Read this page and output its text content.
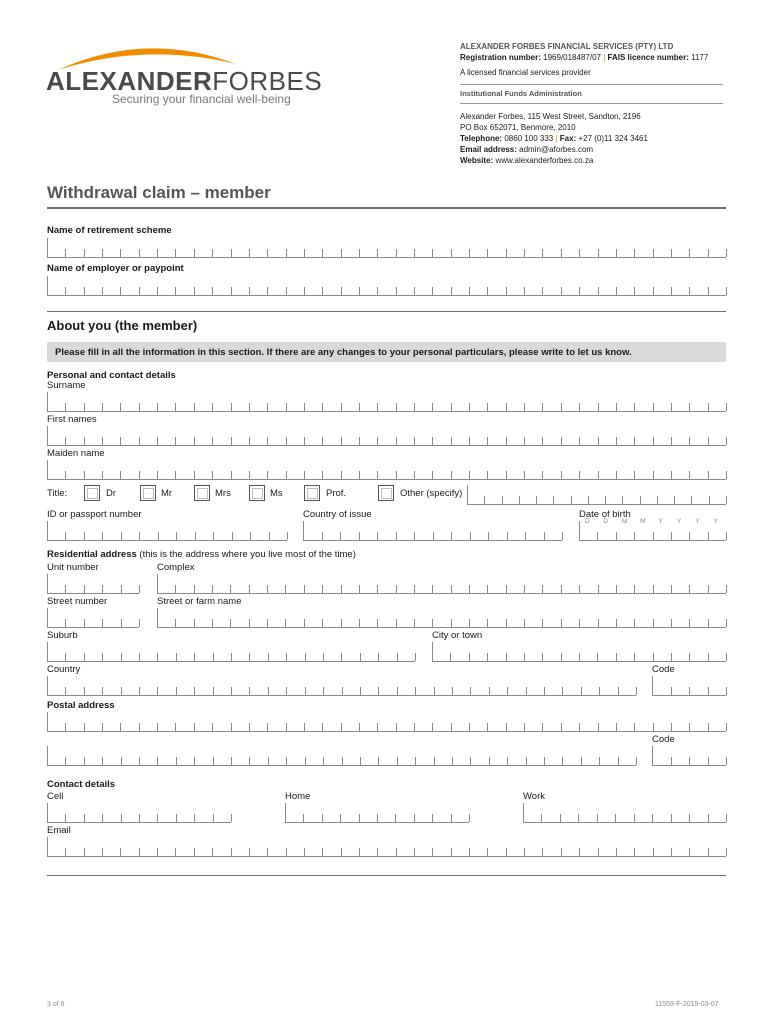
ALEXANDERFORBES
Securing your financial well-being
ALEXANDER FORBES FINANCIAL SERVICES (PTY) LTD
Registration number: 1969/018487/07 | FAIS licence number: 1177
A licensed financial services provider
Institutional Funds Administration
Alexander Forbes, 115 West Street, Sandton, 2196
PO Box 652071, Benmore, 2010
Telephone: 0860 100 333 | Fax: +27 (0)11 324 3461
Email address: admin@aforbes.com
Website: www.alexanderforbes.co.za
Withdrawal claim – member
Name of retirement scheme
Name of employer or paypoint
About you (the member)
Please fill in all the information in this section. If there are any changes to your personal particulars, please write to let us know.
Personal and contact details
Surname
First names
Maiden name
Title:	Dr	Mr	Mrs	Ms	Prof.	Other (specify)
ID or passport number	Country of issue	Date of birth
D D M M Y Y Y Y
Residential address (this is the address where you live most of the time)
Unit number	Complex
Street number	Street or farm name
Suburb	City or town
Country	Code
Postal address
Code
Contact details
Cell	Home	Work
Email
3 of 6	11559-F-2019-03-07
